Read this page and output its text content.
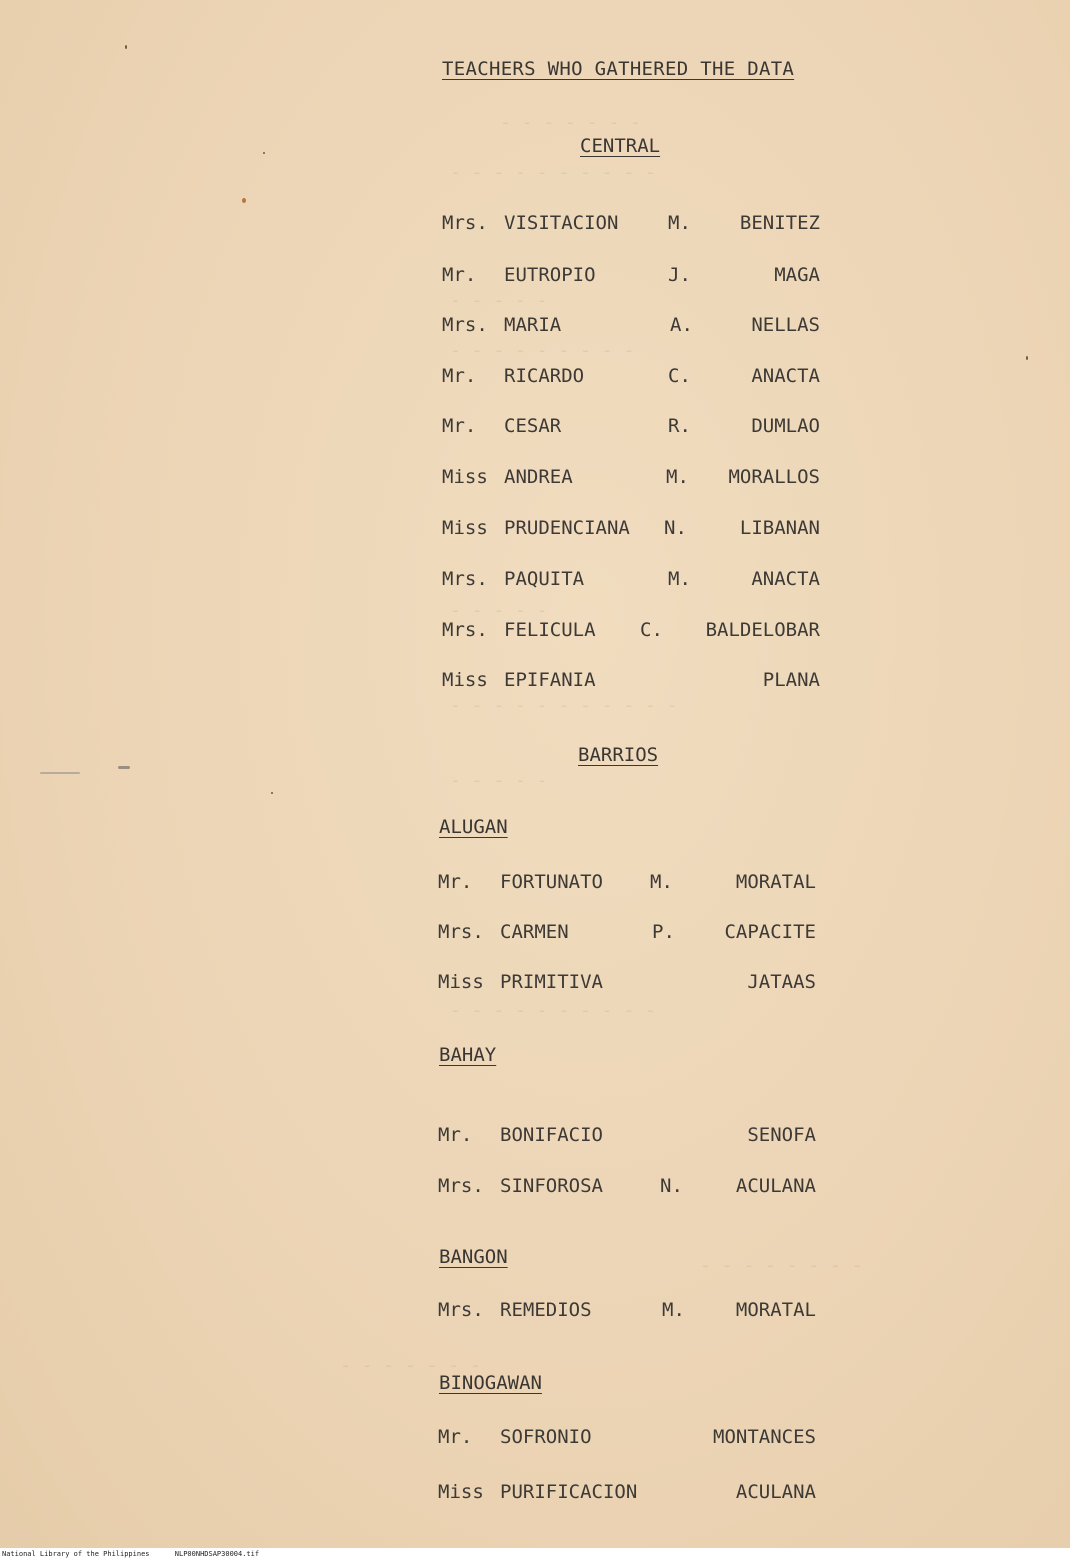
- - - - - - -
- - - - - - - - - -
- - - - -
- - - - - - - - -
- - - - -
- - - - - - - - - - -
- - - - -
- - - - - - - - - -
- - - - - - - -
- - - - - - -
TEACHERS WHO GATHERED THE DATA
CENTRAL
Mrs. VISITACION	M.	BENITEZ
Mr. EUTROPIO	J.	MAGA
Mrs. MARIA	A.	NELLAS
Mr. RICARDO	C.	ANACTA
Mr. CESAR	R.	DUMLAO
Miss ANDREA	M. MORALLOS
Miss PRUDENCIANA N.	LIBANAN
Mrs. PAQUITA	M.	ANACTA
Mrs. FELICULA C. BALDELOBAR
Miss EPIFANIA	PLANA
BARRIOS
ALUGAN
Mr. FORTUNATO M.	MORATAL
Mrs. CARMEN	P.	CAPACITE
Miss PRIMITIVA	JATAAS
BAHAY
Mr. BONIFACIO	SENOFA
Mrs. SINFOROSA	N.	ACULANA
BANGON
Mrs. REMEDIOS	M.	MORATAL
BINOGAWAN
Mr. SOFRONIO	MONTANCES
Miss PURIFICACION	ACULANA
National Library of the Philippines      NLP00NHDSAP30004.tif
